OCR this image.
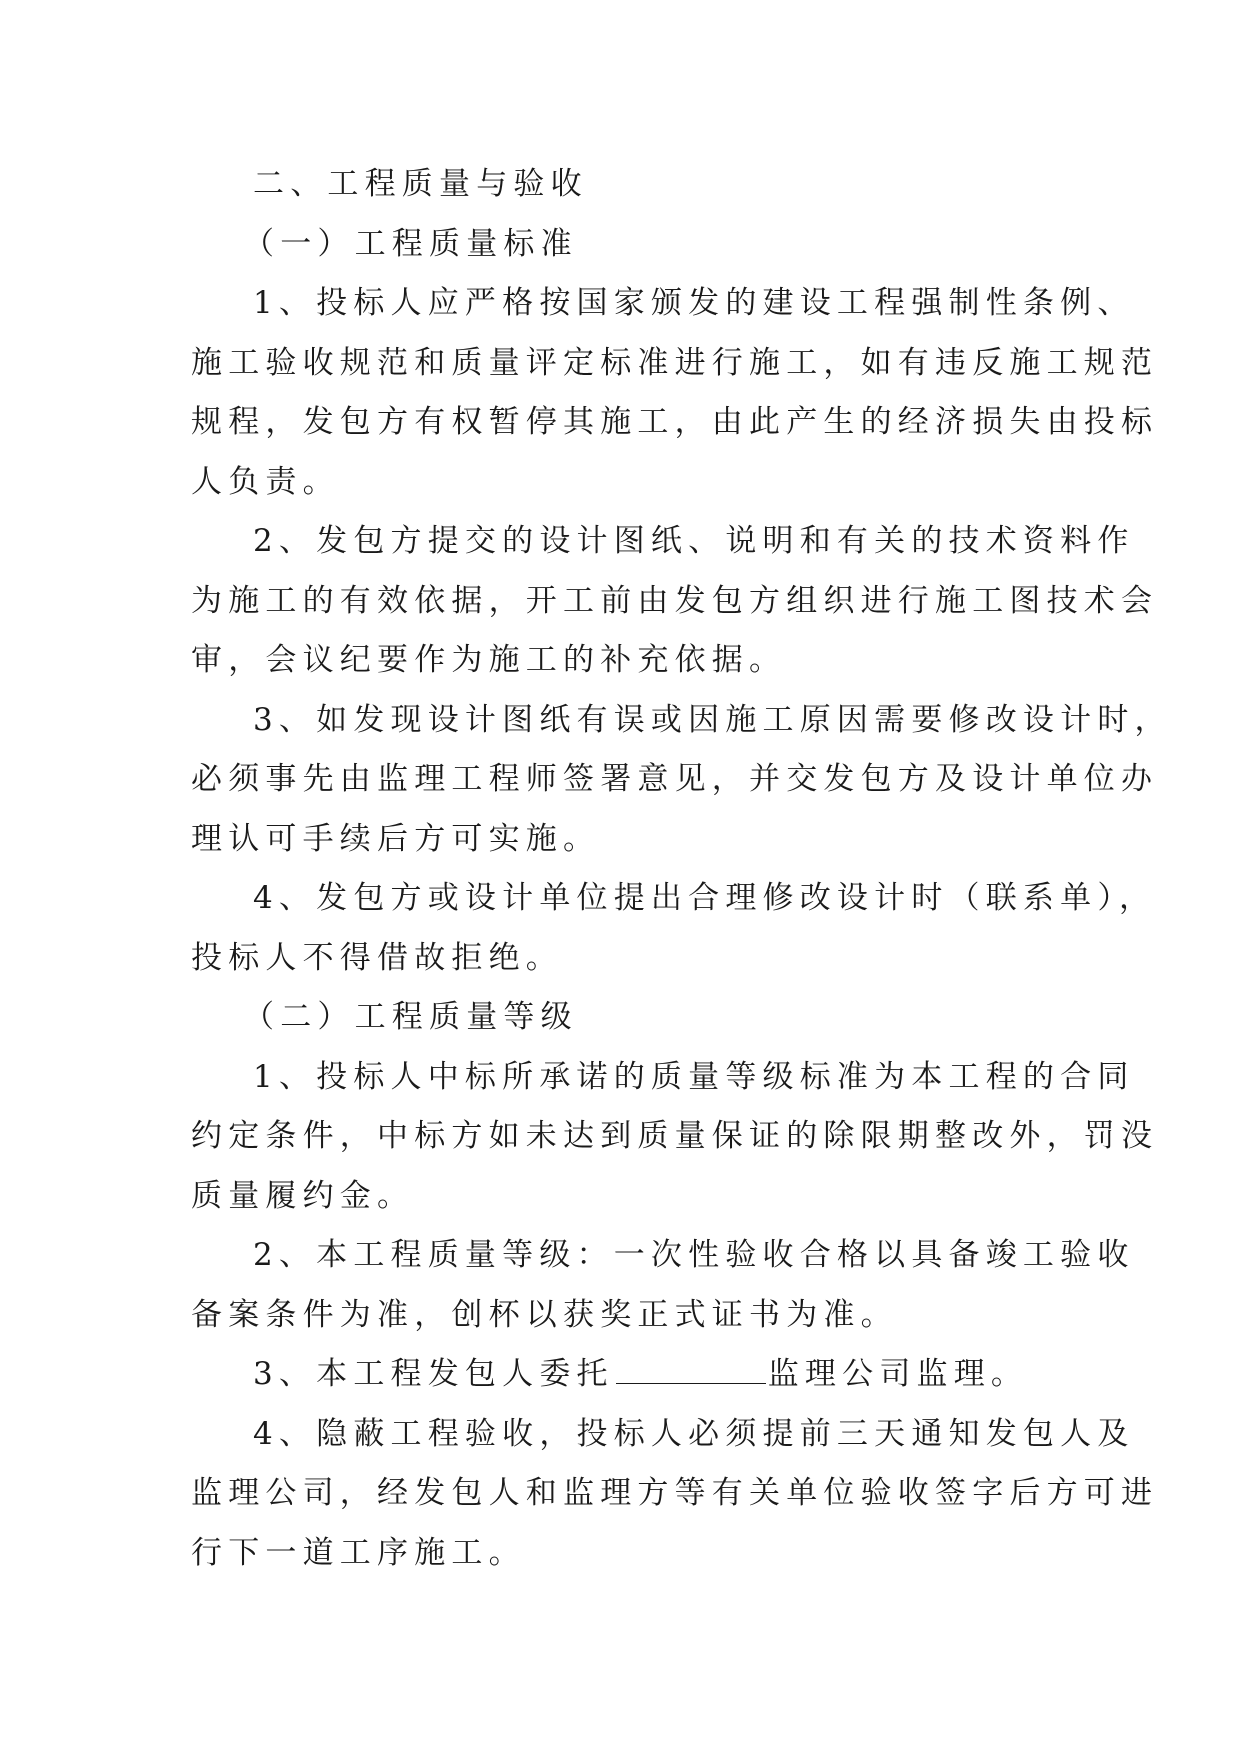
二、工程质量与验收
（一）工程质量标准
1、投标人应严格按国家颁发的建设工程强制性条例、
施工验收规范和质量评定标准进行施工，如有违反施工规范
规程，发包方有权暂停其施工，由此产生的经济损失由投标
人负责。
2、发包方提交的设计图纸、说明和有关的技术资料作
为施工的有效依据，开工前由发包方组织进行施工图技术会
审，会议纪要作为施工的补充依据。
3、如发现设计图纸有误或因施工原因需要修改设计时，
必须事先由监理工程师签署意见，并交发包方及设计单位办
理认可手续后方可实施。
4、发包方或设计单位提出合理修改设计时（联系单），
投标人不得借故拒绝。
（二）工程质量等级
1、投标人中标所承诺的质量等级标准为本工程的合同
约定条件，中标方如未达到质量保证的除限期整改外，罚没
质量履约金。
2、本工程质量等级：一次性验收合格以具备竣工验收
备案条件为准，创杯以获奖正式证书为准。
3、本工程发包人委托	监理公司监理。
4、隐蔽工程验收，投标人必须提前三天通知发包人及
监理公司，经发包人和监理方等有关单位验收签字后方可进
行下一道工序施工。
